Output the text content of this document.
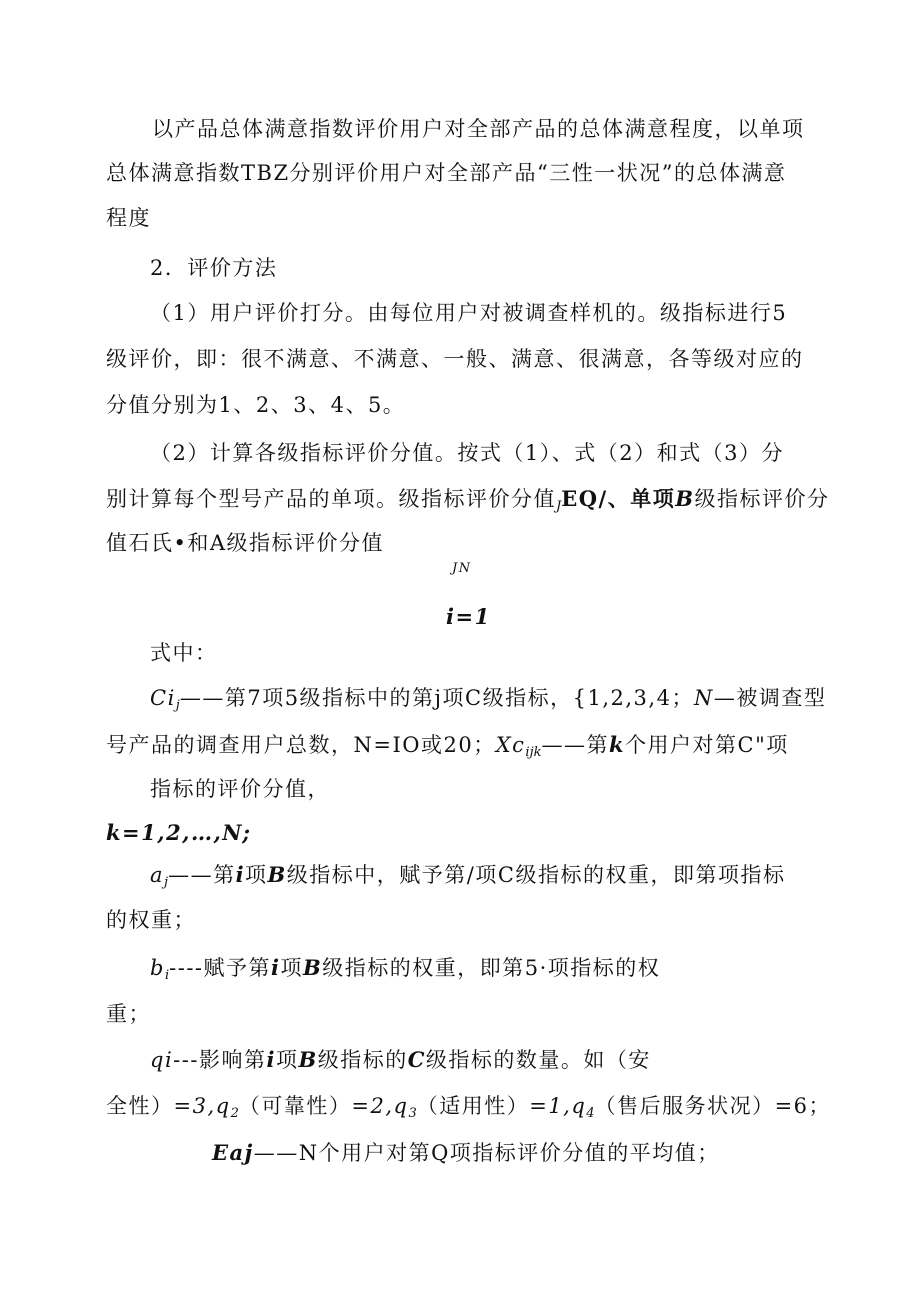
以产品总体满意指数评价用户对全部产品的总体满意程度，以单项
总体满意指数TBZ分别评价用户对全部产品“三性一状况”的总体满意
程度
2．评价方法
（1）用户评价打分。由每位用户对被调查样机的。级指标进行5
级评价，即：很不满意、不满意、一般、满意、很满意，各等级对应的
分值分别为1、2、3、4、5。
（2）计算各级指标评价分值。按式（1）、式（2）和式（3）分
别计算每个型号产品的单项。级指标评价分值$_J$EQ/、单项B级指标评价分
值石氏•和A级指标评价分值
JN
i=1
式中：
$Ci_j——$第7项5级指标中的第j项C级指标，{1,2,3,4；N—被调查型
号产品的调查用户总数，N=IO或20；$Xc_{ijk}——$第k个用户对第C"项
指标的评价分值，
k=1,2,…,N;
$a_j——$第i项B级指标中，赋予第/项C级指标的权重，即第项指标
的权重；
$b_i----$赋予第i项B级指标的权重，即第5·项指标的权
重；
qi---影响第i项B级指标的C级指标的数量。如（安
全性）$=3,q_2$（可靠性）$=2,q_3$（适用性）$=1,q_4$（售后服务状况）=6；
Eaj——N个用户对第Q项指标评价分值的平均值；
